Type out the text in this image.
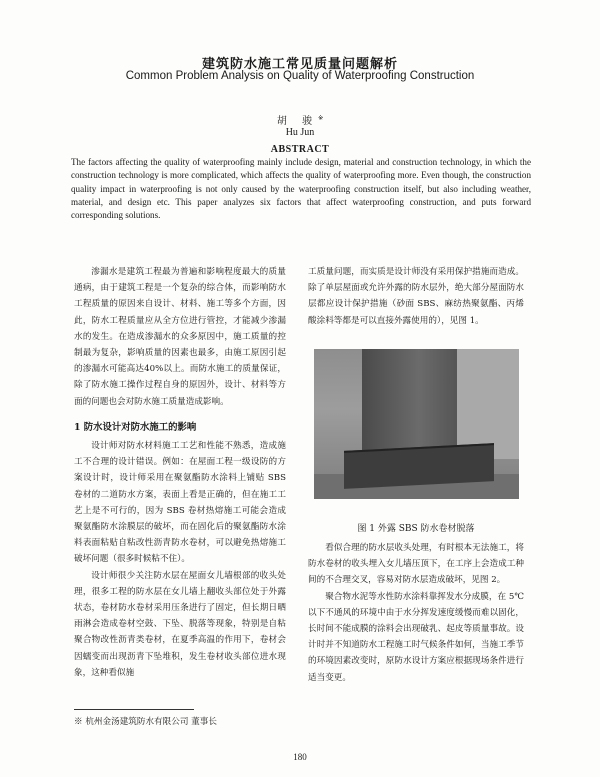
建筑防水施工常见质量问题解析
Common Problem Analysis on Quality of Waterproofing Construction
胡 骏※
Hu Jun
ABSTRACT
The factors affecting the quality of waterproofing mainly include design, material and construction technology, in which the construction technology is more complicated, which affects the quality of waterproofing more. Even though, the construction quality impact in waterproofing is not only caused by the waterproofing construction itself, but also including weather, material, and design etc. This paper analyzes six factors that affect waterproofing construction, and puts forward corresponding solutions.

渗漏水是建筑工程最为普遍和影响程度最大的质量通病，由于建筑工程是一个复杂的综合体，而影响防水工程质量的原因来自设计、材料、施工等多个方面，因此，防水工程质量应从全方位进行管控，才能减少渗漏水的发生。在造成渗漏水的众多原因中，施工质量的控制最为复杂，影响质量的因素也最多，由施工原因引起的渗漏水可能高达40%以上。而防水施工的质量保证，除了防水施工操作过程自身的原因外，设计、材料等方面的问题也会对防水施工质量造成影响。

1 防水设计对防水施工的影响

设计师对防水材料施工工艺和性能不熟悉，造成施工不合理的设计错误。例如：在屋面工程一级设防的方案设计时，设计师采用在聚氨酯防水涂料上铺贴 SBS 卷材的二道防水方案，表面上看是正确的，但在施工工艺上是不可行的，因为 SBS 卷材热熔施工可能会造成聚氨酯防水涂膜层的破坏，而在固化后的聚氨酯防水涂料表面粘贴自粘改性沥青防水卷材，可以避免热熔施工破坏问题（很多时候粘不住）。

设计师很少关注防水层在屋面女儿墙根部的收头处理，很多工程的防水层在女儿墙上翻收头部位处于外露状态，卷材防水卷材采用压条进行了固定，但长期日晒雨淋会造成卷材空鼓、下坠、脱落等现象，特别是自粘聚合物改性沥青类卷材，在夏季高温的作用下，卷材会因蠕变而出现沥青下坠堆积，发生卷材收头部位进水现象，这种看似施

工质量问题，而实质是设计师没有采用保护措施而造成。除了单层屋面或允许外露的防水层外，绝大部分屋面防水层都应设计保护措施（砂面 SBS、麻纺热聚氨酯、丙烯酸涂料等都是可以直接外露使用的），见图 1。

图 1 外露 SBS 防水卷材脱落

看似合理的防水层收头处理，有时根本无法施工，将防水卷材的收头埋入女儿墙压顶下，在工序上会造成工种间的不合理交叉，容易对防水层造成破坏，见图 2。

聚合物水泥等水性防水涂料靠挥发水分成膜，在 5℃以下不通风的环境中由于水分挥发速度缓慢而难以固化，长时间不能成膜的涂料会出现破乳、起皮等质量事故。设计时并不知道防水工程施工时气候条件如何，当施工季节的环境因素改变时，原防水设计方案应根据现场条件进行适当变更。

※ 杭州金汤建筑防水有限公司 董事长
180
